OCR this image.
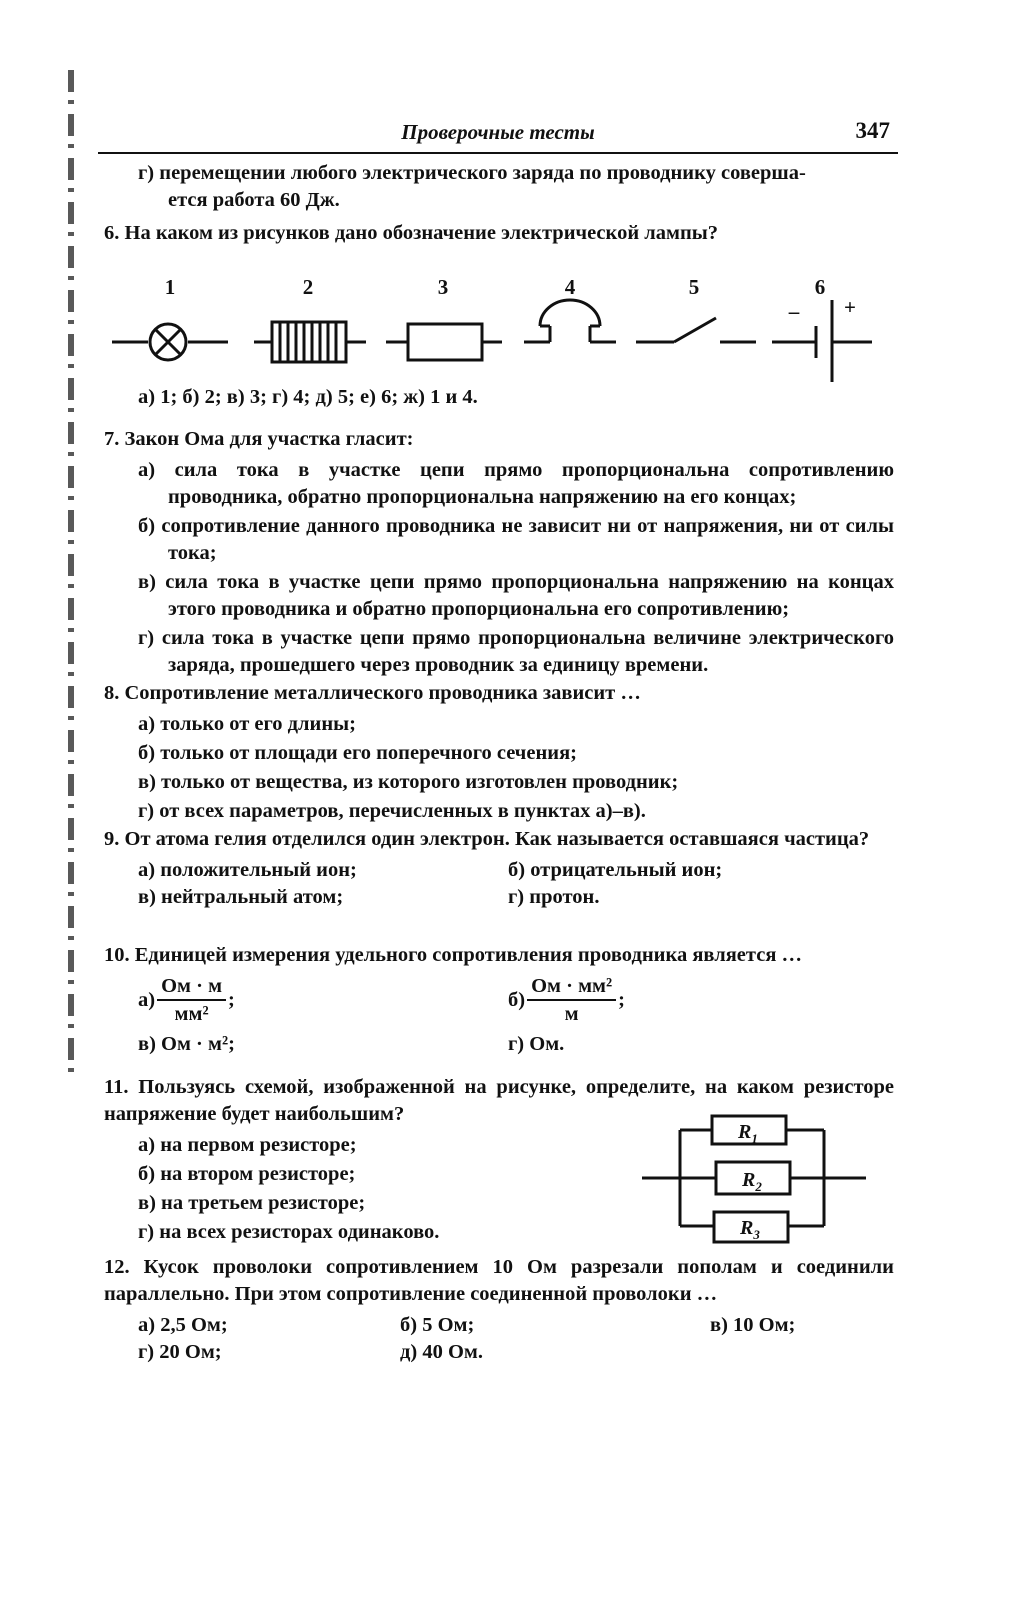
Проверочные тесты	347
г) перемещении любого электрического заряда по проводнику соверша-
ется работа 60 Дж.
6. На каком из рисунков дано обозначение электрической лампы?
1	2	3	4	5	6
– +
а) 1; б) 2; в) 3; г) 4; д) 5; е) 6; ж) 1 и 4.
7. Закон Ома для участка гласит:
а) сила тока в участке цепи прямо пропорциональна сопротивлению проводника, обратно пропорциональна напряжению на его концах;
б) сопротивление данного проводника не зависит ни от напряжения, ни от силы тока;
в) сила тока в участке цепи прямо пропорциональна напряжению на концах этого проводника и обратно пропорциональна его сопротивлению;
г) сила тока в участке цепи прямо пропорциональна величине электрического заряда, прошедшего через проводник за единицу времени.
8. Сопротивление металлического проводника зависит …
а) только от его длины;
б) только от площади его поперечного сечения;
в) только от вещества, из которого изготовлен проводник;
г) от всех параметров, перечисленных в пунктах а)–в).
9. От атома гелия отделился один электрон. Как называется оставшаяся частица?
а) положительный ион;	б) отрицательный ион;
в) нейтральный атом;	г) протон.
10. Единицей измерения удельного сопротивления проводника является …
$а) \frac{Ом \cdot м}{\text{мм²}}$ ;	$б) \frac{\text{Ом · мм²}}{м}$ ;
в) Ом · м²;	г) Ом.
11. Пользуясь схемой, изображенной на рисунке, определите, на каком резисторе напряжение будет наибольшим?
а) на первом резисторе;
б) на втором резисторе;
в) на третьем резисторе;
г) на всех резисторах одинаково.
$R_1$
$R_2$
$R_3$
12. Кусок проволоки сопротивлением 10 Ом разрезали пополам и соединили параллельно. При этом сопротивление соединенной проволоки …
а) 2,5 Ом;	б) 5 Ом;	в) 10 Ом;
г) 20 Ом;	д) 40 Ом.
